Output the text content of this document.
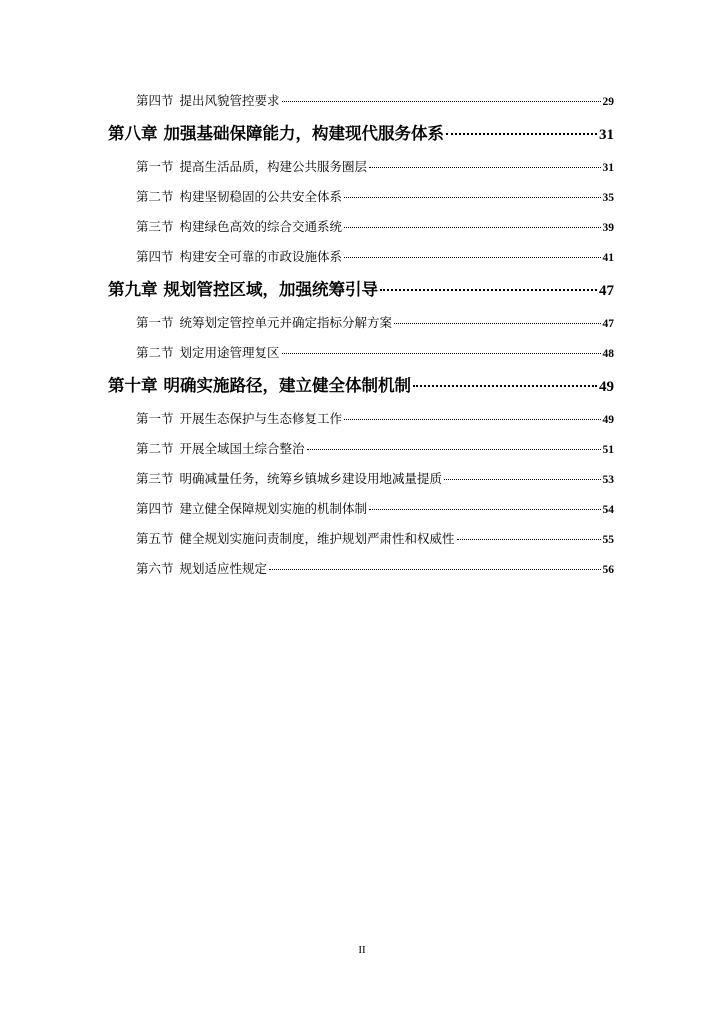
第四节 提出风貌管控要求	29
第八章 加强基础保障能力，构建现代服务体系	31
第一节 提高生活品质，构建公共服务圈层	31
第二节 构建坚韧稳固的公共安全体系	35
第三节 构建绿色高效的综合交通系统	39
第四节 构建安全可靠的市政设施体系	41
第九章 规划管控区域，加强统筹引导	47
第一节 统筹划定管控单元并确定指标分解方案	47
第二节 划定用途管理复区	48
第十章 明确实施路径，建立健全体制机制	49
第一节 开展生态保护与生态修复工作	49
第二节 开展全域国土综合整治	51
第三节 明确减量任务，统筹乡镇城乡建设用地减量提质	53
第四节 建立健全保障规划实施的机制体制	54
第五节 健全规划实施问责制度，维护规划严肃性和权威性	55
第六节 规划适应性规定	56
II
